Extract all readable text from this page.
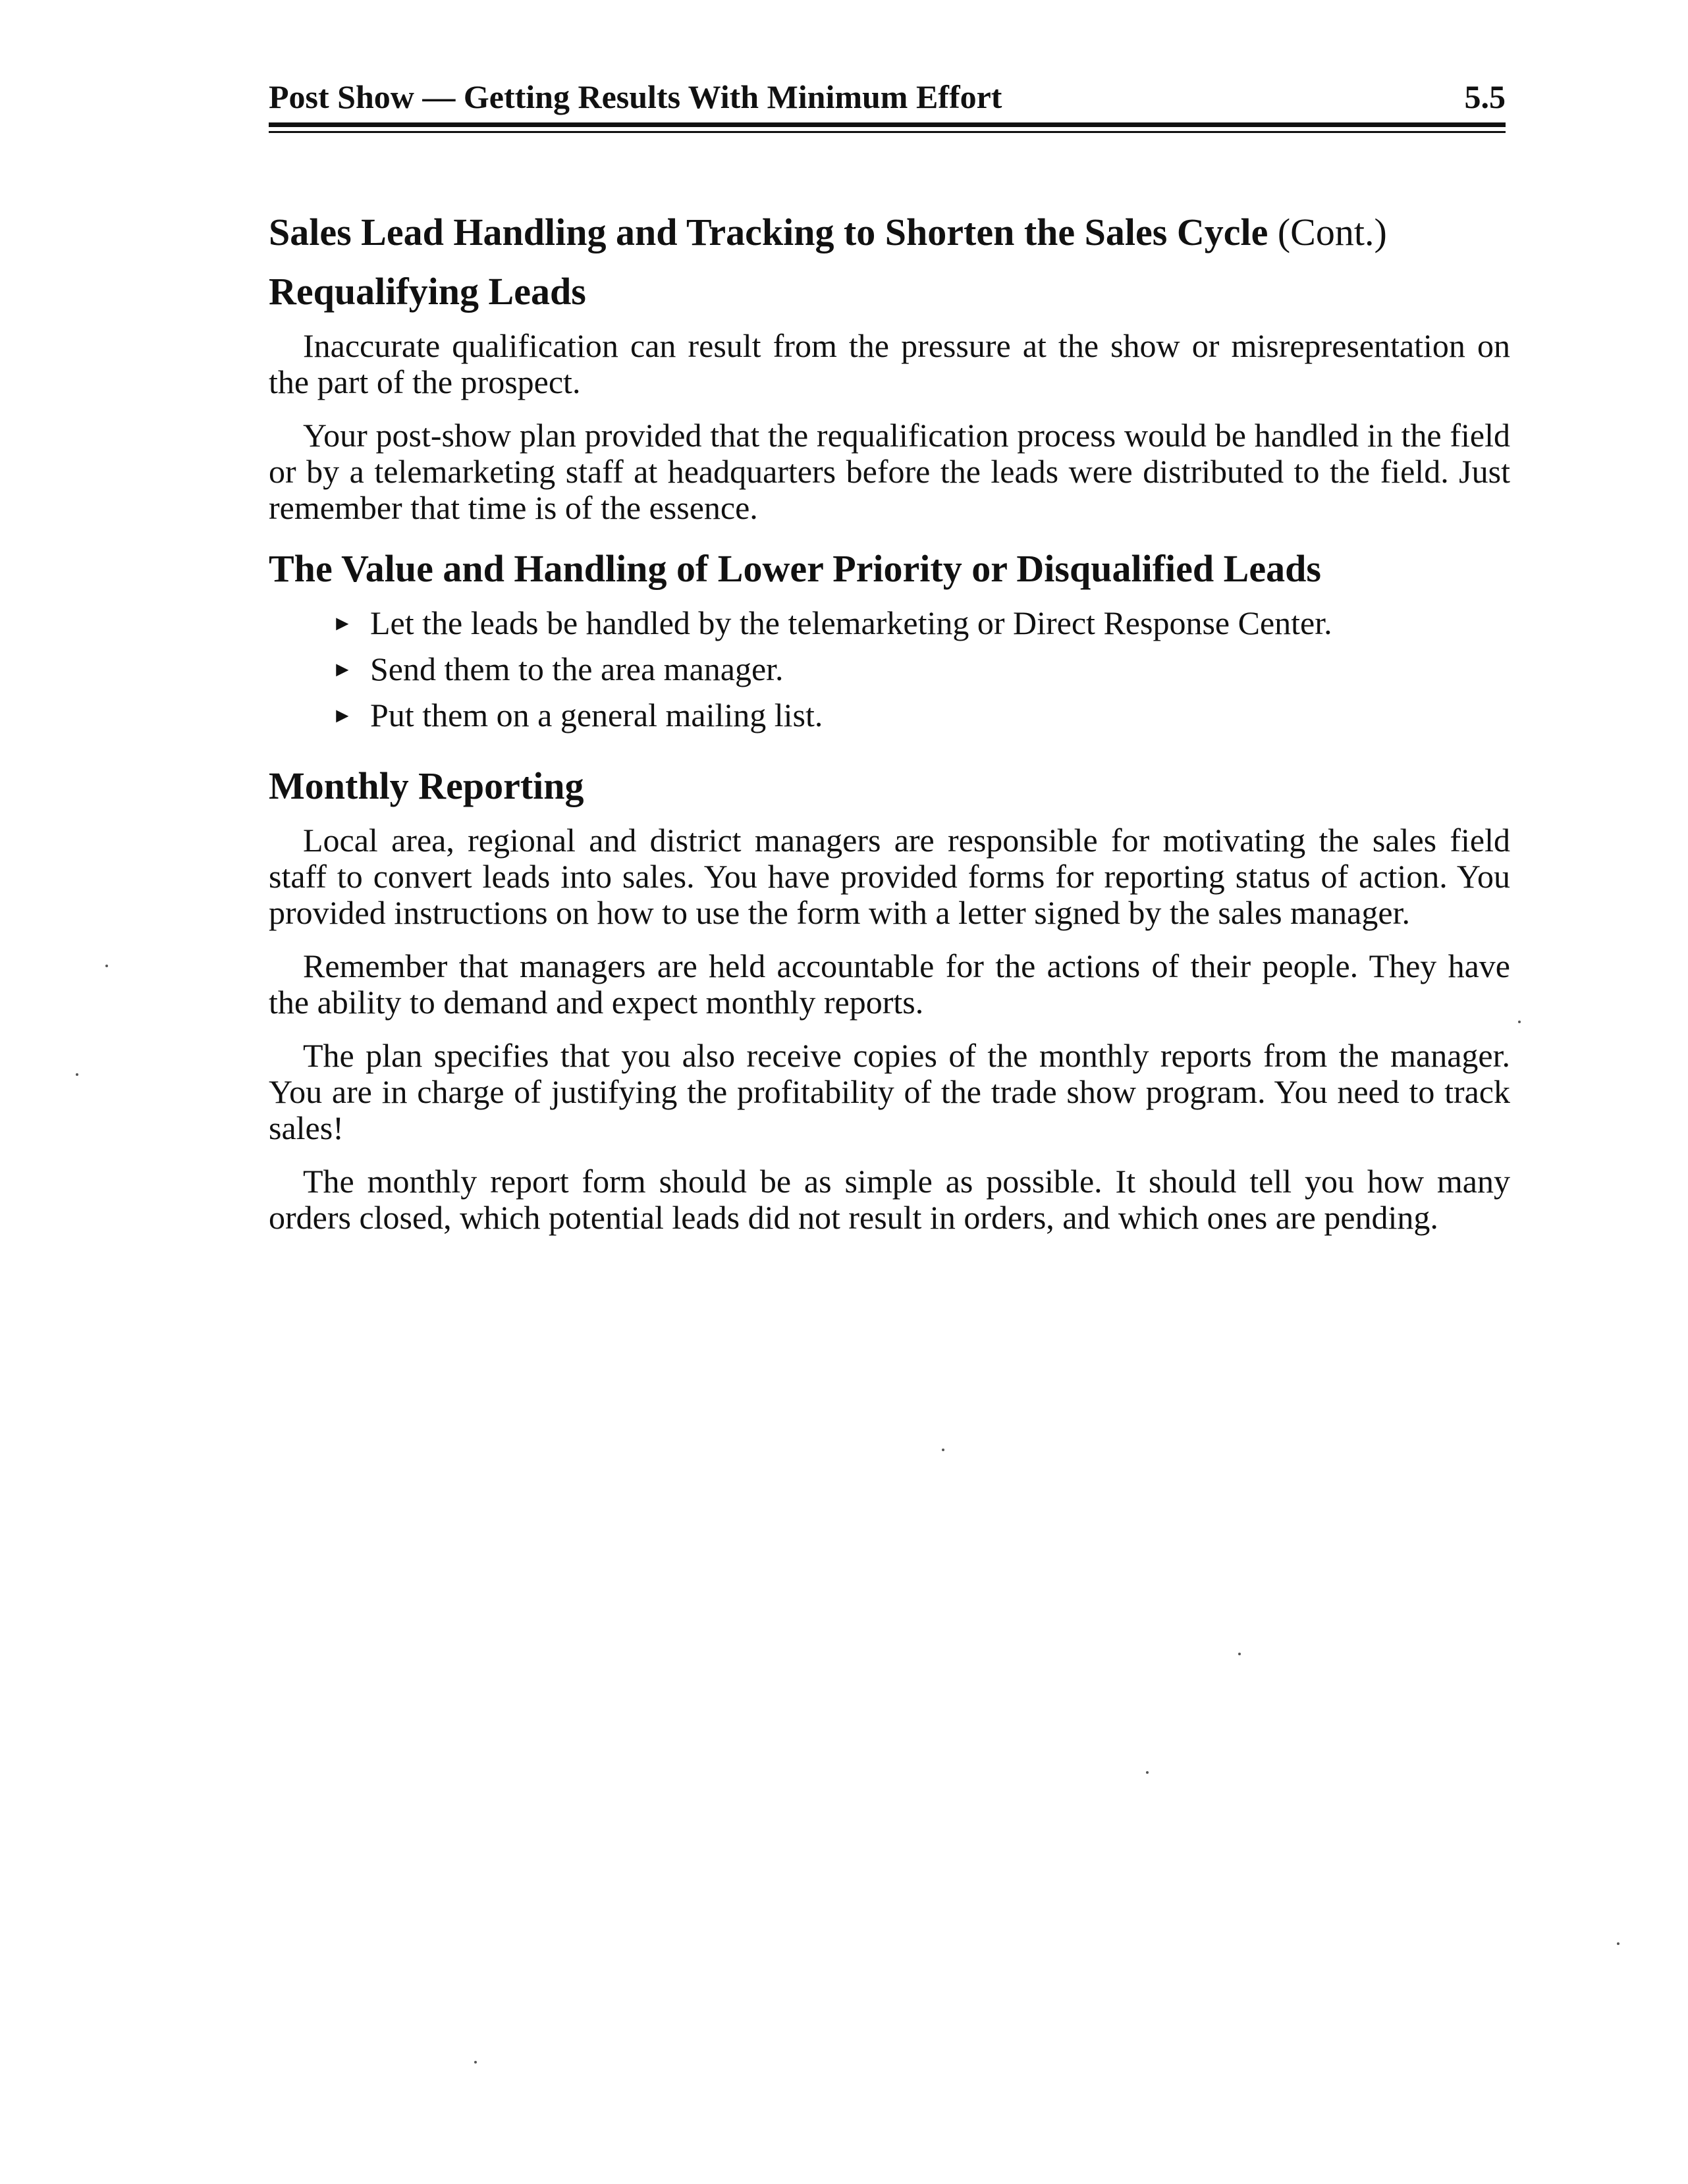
Post Show — Getting Results With Minimum Effort	5.5
Sales Lead Handling and Tracking to Shorten the Sales Cycle (Cont.)
Requalifying Leads

Inaccurate qualification can result from the pressure at the show or misrepresentation on the part of the prospect.

Your post-show plan provided that the requalification process would be handled in the field or by a telemarketing staff at headquarters before the leads were distributed to the field. Just remember that time is of the essence.

The Value and Handling of Lower Priority or Disqualified Leads
► Let the leads be handled by the telemarketing or Direct Response Center.
► Send them to the area manager.
► Put them on a general mailing list.
Monthly Reporting

Local area, regional and district managers are responsible for motivating the sales field staff to convert leads into sales. You have provided forms for reporting status of action. You provided instructions on how to use the form with a letter signed by the sales manager.

Remember that managers are held accountable for the actions of their people. They have the ability to demand and expect monthly reports.

The plan specifies that you also receive copies of the monthly reports from the manager. You are in charge of justifying the profitability of the trade show program. You need to track sales!

The monthly report form should be as simple as possible. It should tell you how many orders closed, which potential leads did not result in orders, and which ones are pending.
